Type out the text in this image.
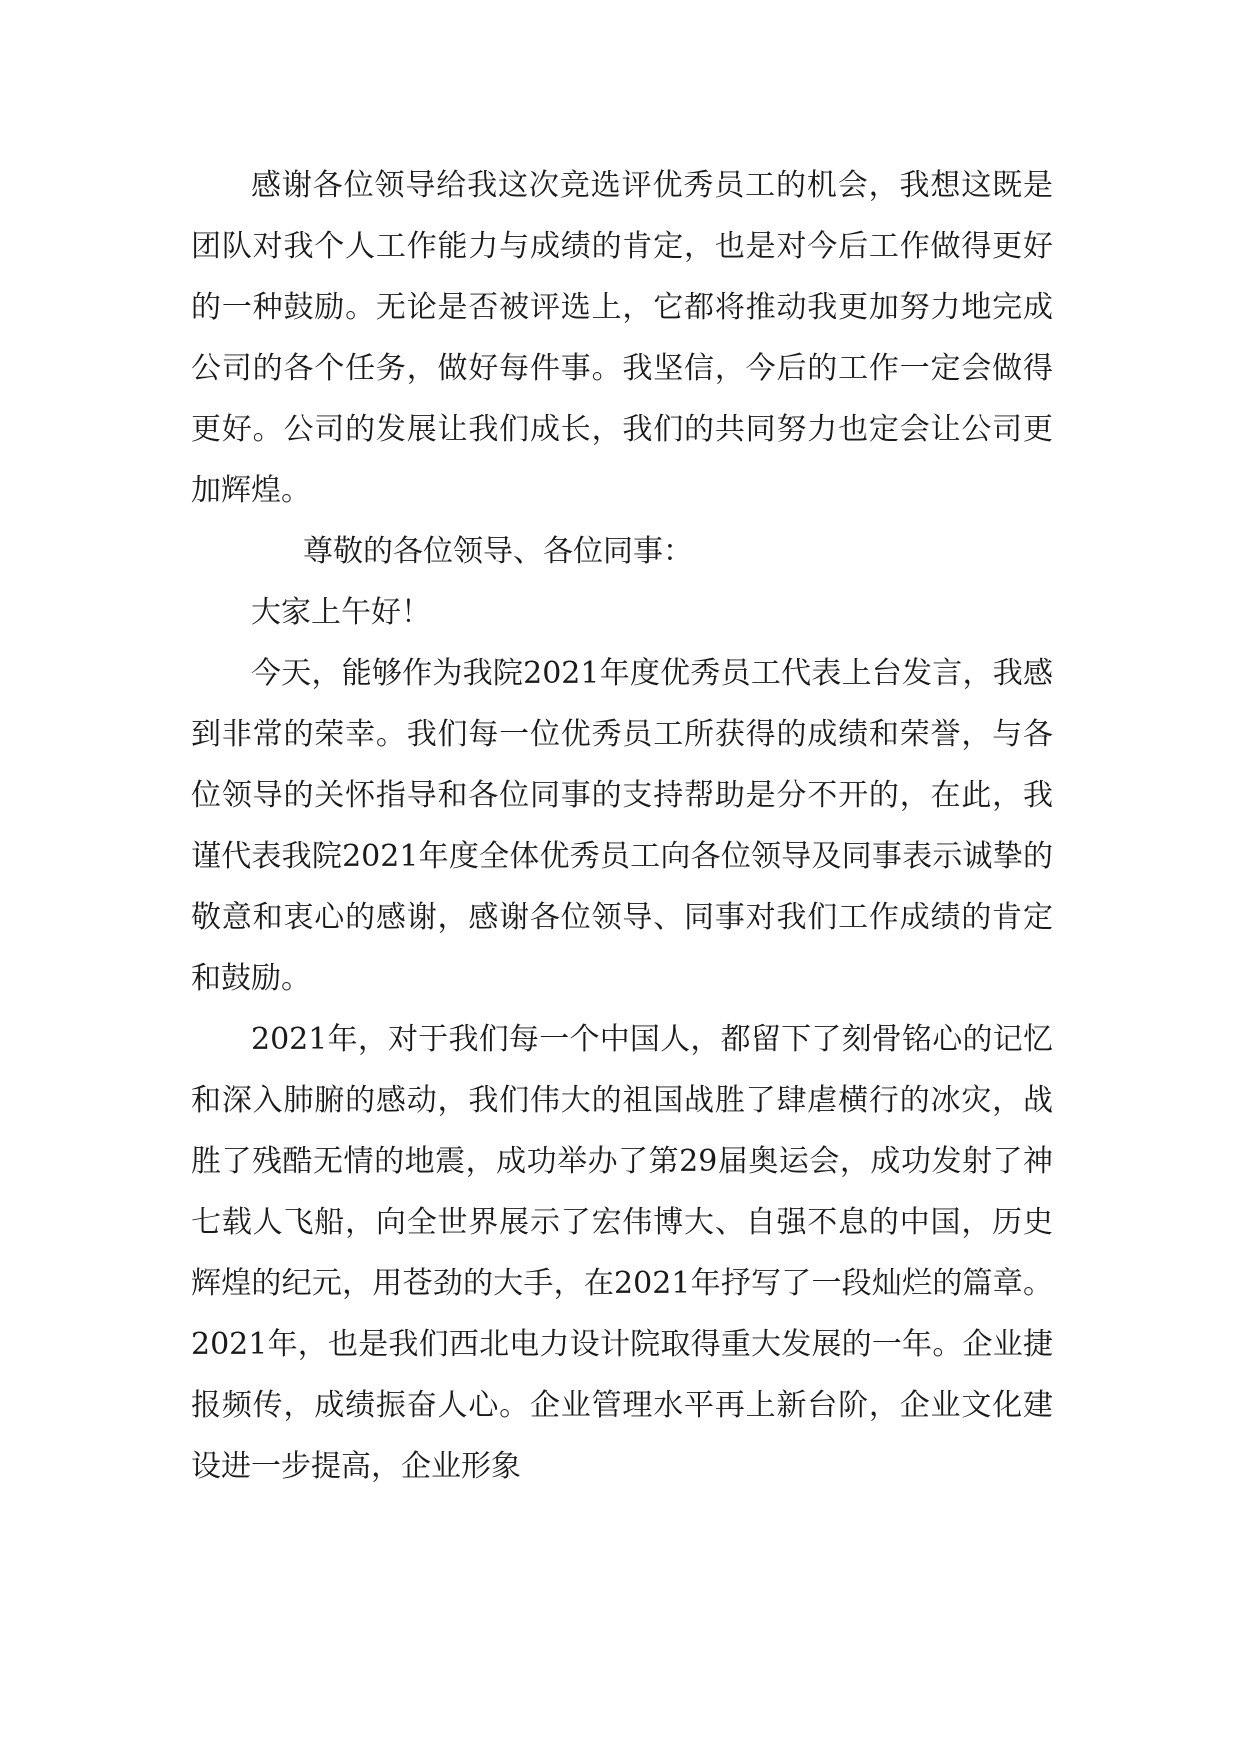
感谢各位领导给我这次竞选评优秀员工的机会，我想这既是团队对我个人工作能力与成绩的肯定，也是对今后工作做得更好的一种鼓励。无论是否被评选上，它都将推动我更加努力地完成公司的各个任务，做好每件事。我坚信，今后的工作一定会做得更好。公司的发展让我们成长，我们的共同努力也定会让公司更加辉煌。

尊敬的各位领导、各位同事：

大家上午好！

今天，能够作为我院2021年度优秀员工代表上台发言，我感到非常的荣幸。我们每一位优秀员工所获得的成绩和荣誉，与各位领导的关怀指导和各位同事的支持帮助是分不开的，在此，我谨代表我院2021年度全体优秀员工向各位领导及同事表示诚挚的敬意和衷心的感谢，感谢各位领导、同事对我们工作成绩的肯定和鼓励。

2021年，对于我们每一个中国人，都留下了刻骨铭心的记忆和深入肺腑的感动，我们伟大的祖国战胜了肆虐横行的冰灾，战胜了残酷无情的地震，成功举办了第29届奥运会，成功发射了神七载人飞船，向全世界展示了宏伟博大、自强不息的中国，历史辉煌的纪元，用苍劲的大手，在2021年抒写了一段灿烂的篇章。2021年，也是我们西北电力设计院取得重大发展的一年。企业捷报频传，成绩振奋人心。企业管理水平再上新台阶，企业文化建设进一步提高，企业形象
